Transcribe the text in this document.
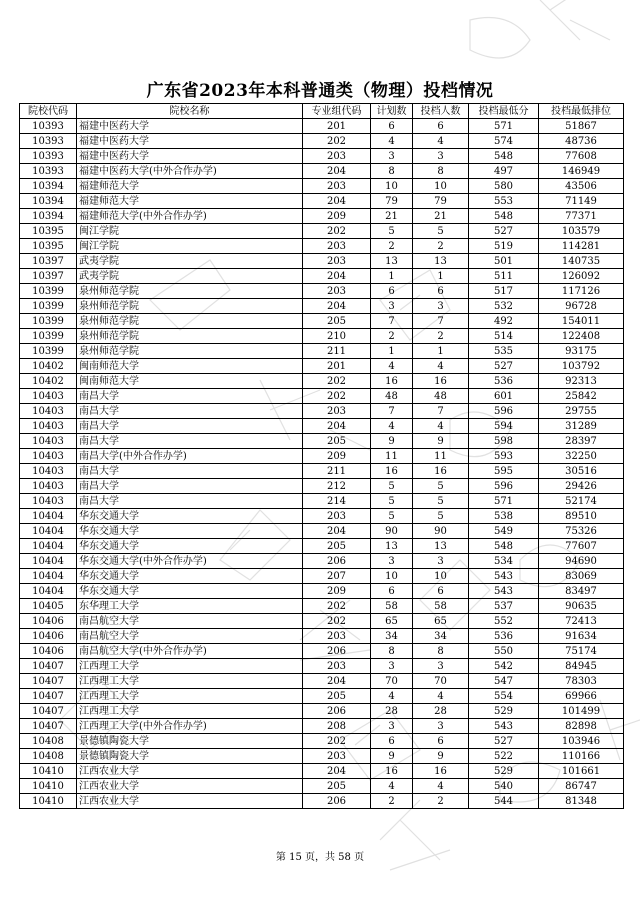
广东省2023年本科普通类（物理）投档情况
院校代码	院校名称	专业组代码	计划数	投档人数	投档最低分	投档最低排位
10393	福建中医药大学	201	6	6	571	51867
10393	福建中医药大学	202	4	4	574	48736
10393	福建中医药大学	203	3	3	548	77608
10393	福建中医药大学(中外合作办学)	204	8	8	497	146949
10394	福建师范大学	203	10	10	580	43506
10394	福建师范大学	204	79	79	553	71149
10394	福建师范大学(中外合作办学)	209	21	21	548	77371
10395	闽江学院	202	5	5	527	103579
10395	闽江学院	203	2	2	519	114281
10397	武夷学院	203	13	13	501	140735
10397	武夷学院	204	1	1	511	126092
10399	泉州师范学院	203	6	6	517	117126
10399	泉州师范学院	204	3	3	532	96728
10399	泉州师范学院	205	7	7	492	154011
10399	泉州师范学院	210	2	2	514	122408
10399	泉州师范学院	211	1	1	535	93175
10402	闽南师范大学	201	4	4	527	103792
10402	闽南师范大学	202	16	16	536	92313
10403	南昌大学	202	48	48	601	25842
10403	南昌大学	203	7	7	596	29755
10403	南昌大学	204	4	4	594	31289
10403	南昌大学	205	9	9	598	28397
10403	南昌大学(中外合作办学)	209	11	11	593	32250
10403	南昌大学	211	16	16	595	30516
10403	南昌大学	212	5	5	596	29426
10403	南昌大学	214	5	5	571	52174
10404	华东交通大学	203	5	5	538	89510
10404	华东交通大学	204	90	90	549	75326
10404	华东交通大学	205	13	13	548	77607
10404	华东交通大学(中外合作办学)	206	3	3	534	94690
10404	华东交通大学	207	10	10	543	83069
10404	华东交通大学	209	6	6	543	83497
10405	东华理工大学	202	58	58	537	90635
10406	南昌航空大学	202	65	65	552	72413
10406	南昌航空大学	203	34	34	536	91634
10406	南昌航空大学(中外合作办学)	206	8	8	550	75174
10407	江西理工大学	203	3	3	542	84945
10407	江西理工大学	204	70	70	547	78303
10407	江西理工大学	205	4	4	554	69966
10407	江西理工大学	206	28	28	529	101499
10407	江西理工大学(中外合作办学)	208	3	3	543	82898
10408	景德镇陶瓷大学	202	6	6	527	103946
10408	景德镇陶瓷大学	203	9	9	522	110166
10410	江西农业大学	204	16	16	529	101661
10410	江西农业大学	205	4	4	540	86747
10410	江西农业大学	206	2	2	544	81348
第 15 页，共 58 页
